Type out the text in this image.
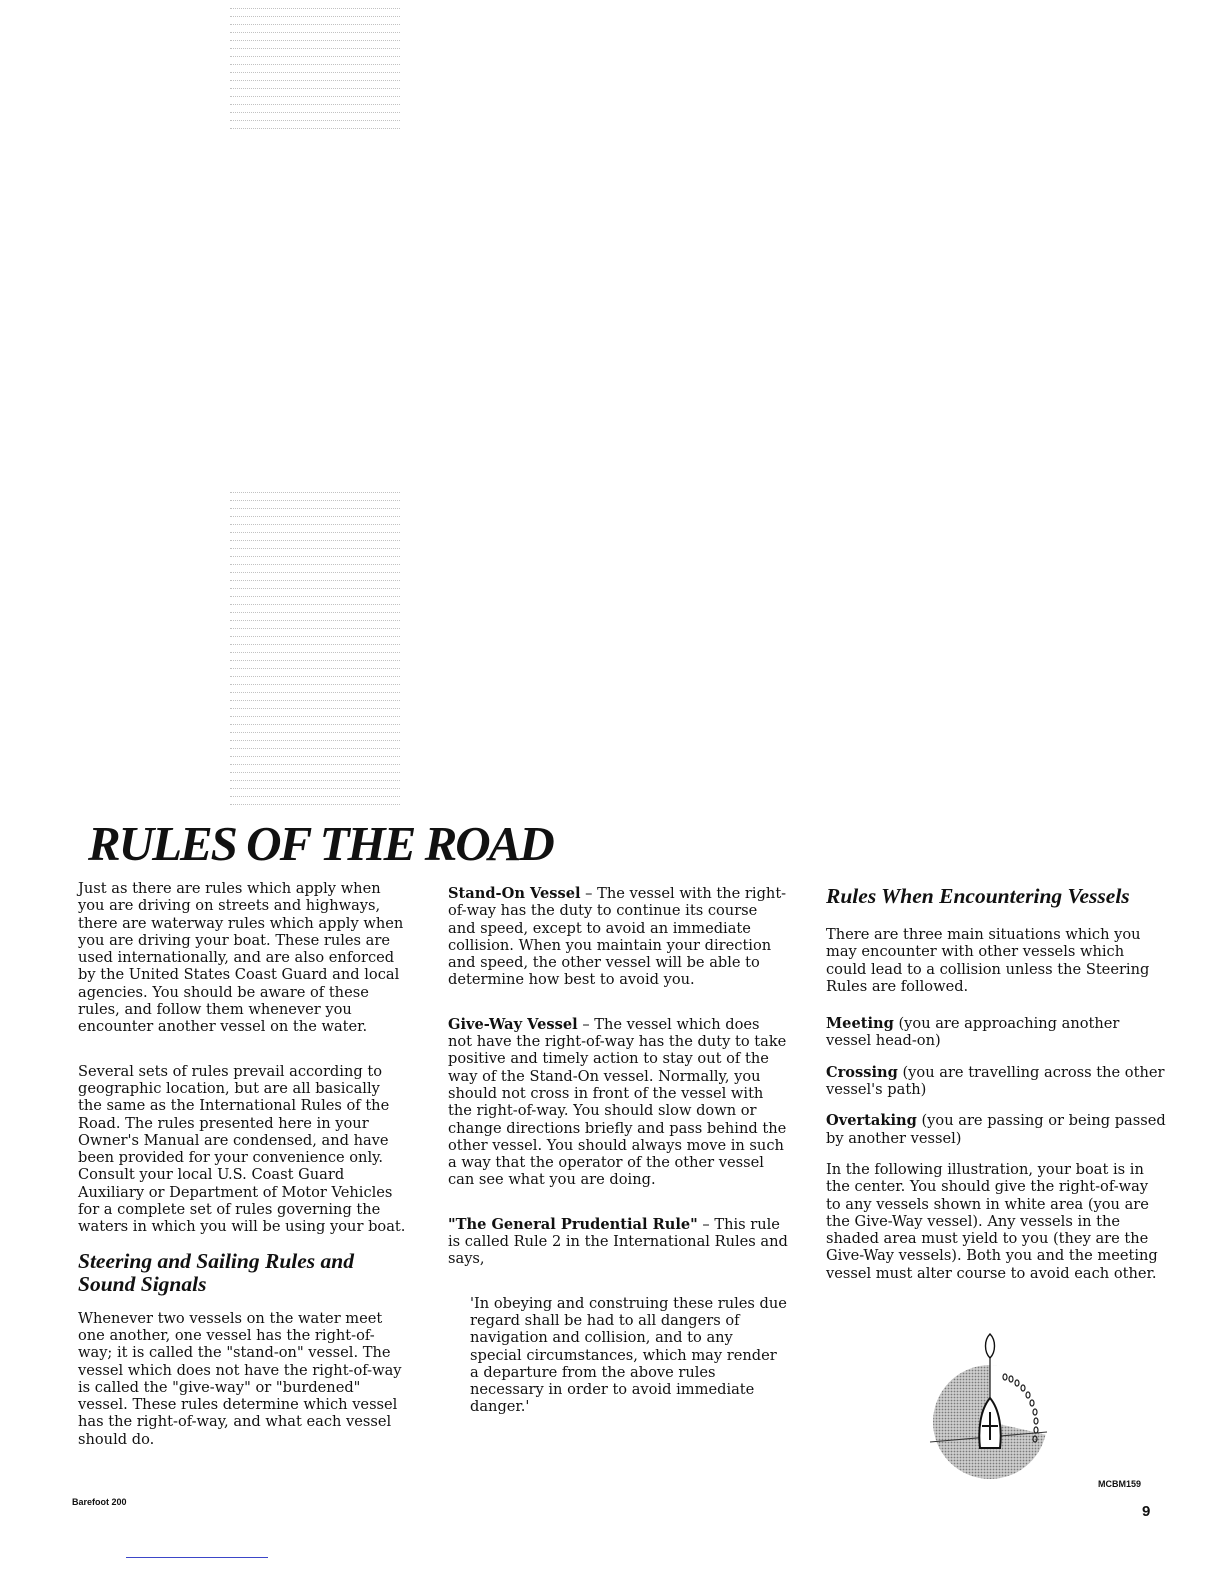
RULES OF THE ROAD

Just as there are rules which apply when you are driving on streets and highways, there are waterway rules which apply when you are driving your boat. These rules are used internationally, and are also enforced by the United States Coast Guard and local agencies. You should be aware of these rules, and follow them whenever you encounter another vessel on the water.

Several sets of rules prevail according to geographic location, but are all basically the same as the International Rules of the Road. The rules presented here in your Owner's Manual are condensed, and have been provided for your convenience only. Consult your local U.S. Coast Guard Auxiliary or Department of Motor Vehicles for a complete set of rules governing the waters in which you will be using your boat.

Steering and Sailing Rules and Sound Signals

Whenever two vessels on the water meet one another, one vessel has the right-of-way; it is called the "stand-on" vessel. The vessel which does not have the right-of-way is called the "give-way" or "burdened" vessel. These rules determine which vessel has the right-of-way, and what each vessel should do.

Stand-On Vessel – The vessel with the right-of-way has the duty to continue its course and speed, except to avoid an immediate collision. When you maintain your direction and speed, the other vessel will be able to determine how best to avoid you.

Give-Way Vessel – The vessel which does not have the right-of-way has the duty to take positive and timely action to stay out of the way of the Stand-On vessel. Normally, you should not cross in front of the vessel with the right-of-way. You should slow down or change directions briefly and pass behind the other vessel. You should always move in such a way that the operator of the other vessel can see what you are doing.

"The General Prudential Rule" – This rule is called Rule 2 in the International Rules and says,

'In obeying and construing these rules due regard shall be had to all dangers of navigation and collision, and to any special circumstances, which may render a departure from the above rules necessary in order to avoid immediate danger.'

Rules When Encountering Vessels

There are three main situations which you may encounter with other vessels which could lead to a collision unless the Steering Rules are followed.

Meeting (you are approaching another vessel head-on)

Crossing (you are travelling across the other vessel's path)

Overtaking (you are passing or being passed by another vessel)

In the following illustration, your boat is in the center. You should give the right-of-way to any vessels shown in white area (you are the Give-Way vessel). Any vessels in the shaded area must yield to you (they are the Give-Way vessels). Both you and the meeting vessel must alter course to avoid each other.

MCBM159
Barefoot 200
9
